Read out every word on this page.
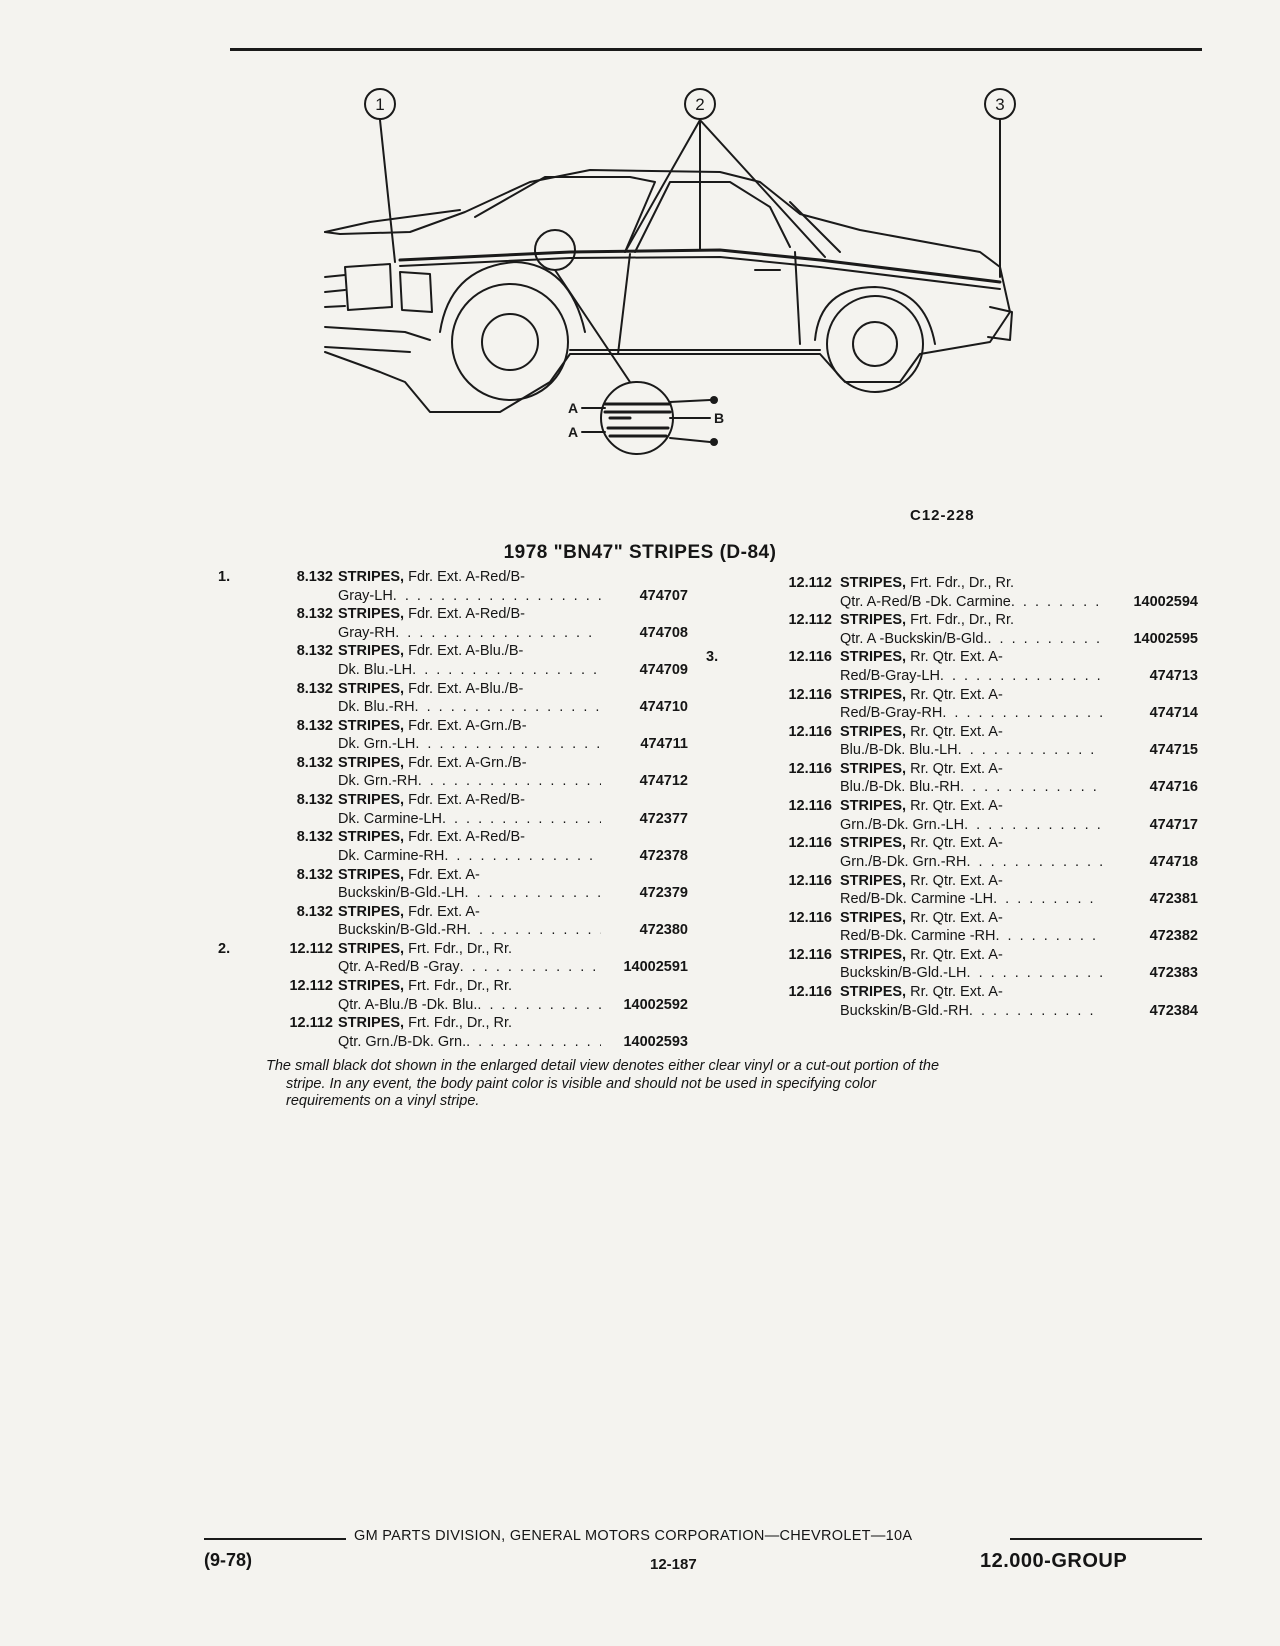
1	2	3
A
A
B
C12-228
1978 "BN47" STRIPES (D-84)
1.	8.132 STRIPES, Fdr. Ext. A-Red/B-
Gray-LH . . .	474707
8.132 STRIPES, Fdr. Ext. A-Red/B-
Gray-RH . . .	474708
8.132 STRIPES, Fdr. Ext. A-Blu./B-
Dk. Blu.-LH . . .	474709
8.132 STRIPES, Fdr. Ext. A-Blu./B-
Dk. Blu.-RH . . .	474710
8.132 STRIPES, Fdr. Ext. A-Grn./B-
Dk. Grn.-LH . . .	474711
8.132 STRIPES, Fdr. Ext. A-Grn./B-
Dk. Grn.-RH . . .	474712
8.132 STRIPES, Fdr. Ext. A-Red/B-
Dk. Carmine-LH . . .	472377
8.132 STRIPES, Fdr. Ext. A-Red/B-
Dk. Carmine-RH . . .	472378
8.132 STRIPES, Fdr. Ext. A-
Buckskin/B-Gld.-LH . . .	472379
8.132 STRIPES, Fdr. Ext. A-
Buckskin/B-Gld.-RH . . .	472380
2.	12.112 STRIPES, Frt. Fdr., Dr., Rr.
Qtr. A-Red/B -Gray . . .	14002591
12.112 STRIPES, Frt. Fdr., Dr., Rr.
Qtr. A-Blu./B -Dk. Blu. . . .	14002592
12.112 STRIPES, Frt. Fdr., Dr., Rr.
Qtr. Grn./B-Dk. Grn. . . .	14002593
12.112 STRIPES, Frt. Fdr., Dr., Rr.
Qtr. A-Red/B -Dk. Carmine . . .	14002594
12.112 STRIPES, Frt. Fdr., Dr., Rr.
Qtr. A -Buckskin/B-Gld. . . .	14002595
3.	12.116 STRIPES, Rr. Qtr. Ext. A-
Red/B-Gray-LH . . .	474713
12.116 STRIPES, Rr. Qtr. Ext. A-
Red/B-Gray-RH . . .	474714
12.116 STRIPES, Rr. Qtr. Ext. A-
Blu./B-Dk. Blu.-LH . . .	474715
12.116 STRIPES, Rr. Qtr. Ext. A-
Blu./B-Dk. Blu.-RH . . .	474716
12.116 STRIPES, Rr. Qtr. Ext. A-
Grn./B-Dk. Grn.-LH . . .	474717
12.116 STRIPES, Rr. Qtr. Ext. A-
Grn./B-Dk. Grn.-RH . . .	474718
12.116 STRIPES, Rr. Qtr. Ext. A-
Red/B-Dk. Carmine -LH . . .	472381
12.116 STRIPES, Rr. Qtr. Ext. A-
Red/B-Dk. Carmine -RH . . .	472382
12.116 STRIPES, Rr. Qtr. Ext. A-
Buckskin/B-Gld.-LH . . .	472383
12.116 STRIPES, Rr. Qtr. Ext. A-
Buckskin/B-Gld.-RH . . .	472384
The small black dot shown in the enlarged detail view denotes either clear vinyl or a cut-out portion of the
stripe. In any event, the body paint color is visible and should not be used in specifying color
requirements on a vinyl stripe.
GM PARTS DIVISION, GENERAL MOTORS CORPORATION—CHEVROLET—10A
(9-78)	12-187	12.000-GROUP
